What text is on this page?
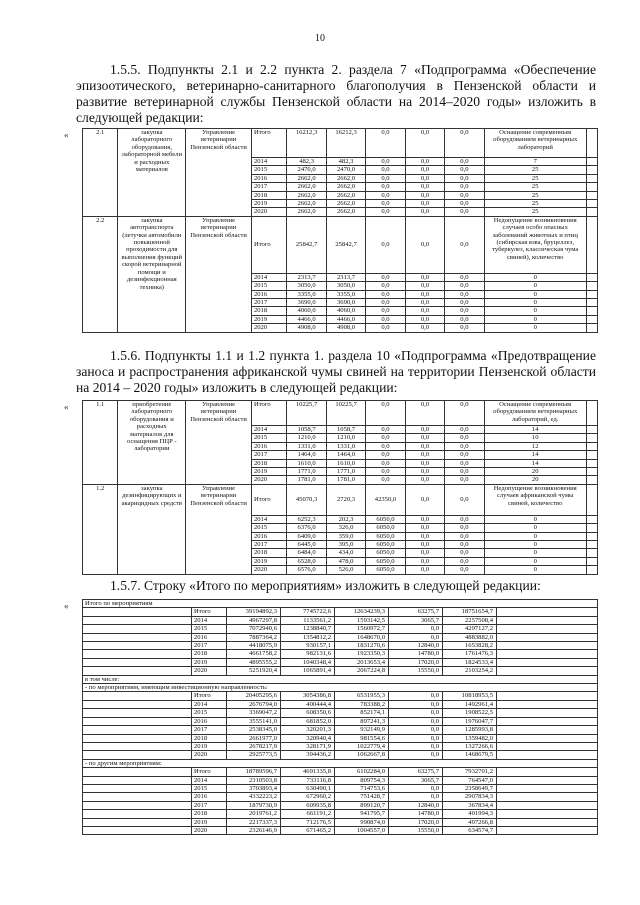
10
1.5.5. Подпункты 2.1 и 2.2 пункта 2. раздела 7 «Подпрограмма «Обеспечение эпизоотического, ветеринарно-санитарного благополучия в Пензенской области и развитие ветеринарной службы Пензенской области на 2014–2020 годы» изложить в следующей редакции:
«	2.1	закупка лабораторного оборудования, лабораторной мебели и расходных материалов	Управление ветеринарии Пензенской области	Итого	16212,3	16212,3	0,0	0,0	0,0	Оснащение современным оборудованием ветеринарных лабораторий	
			2014	482,3	482,3	0,0	0,0	0,0	7	
			2015	2470,0	2470,0	0,0	0,0	0,0	25	
			2016	2662,0	2662,0	0,0	0,0	0,0	25	
			2017	2662,0	2662,0	0,0	0,0	0,0	25	
			2018	2662,0	2662,0	0,0	0,0	0,0	25	
			2019	2662,0	2662,0	0,0	0,0	0,0	25	
			2020	2662,0	2662,0	0,0	0,0	0,0	25	
2.2	закупка автотранспорта (летучки автомобили повышенной проходимости для выполнения функций скорой ветеринарной помощи и дезинфекционная техника)	Управление ветеринарии Пензенской области	Итого	25842,7	25842,7	0,0	0,0	0,0	Недопущение возникновения случаев особо опасных заболеваний животных и птиц (сибирская язва, бруцеллез, туберкулез, классическая чума свиней), количество	
			2014	2313,7	2313,7	0,0	0,0	0,0	0	
			2015	3050,0	3050,0	0,0	0,0	0,0	0	
			2016	3355,0	3355,0	0,0	0,0	0,0	0	
			2017	3690,0	3690,0	0,0	0,0	0,0	0	
			2018	4060,0	4060,0	0,0	0,0	0,0	0	
			2019	4466,0	4466,0	0,0	0,0	0,0	0	
			2020	4908,0	4908,0	0,0	0,0	0,0	0	
1.5.6. Подпункты 1.1 и 1.2 пункта 1. раздела 10 «Подпрограмма «Предотвращение заноса и распространения африканской чумы свиней на территории Пензенской области на 2014 – 2020 годы» изложить в следующей редакции:
«	1.1	приобретение лабораторного оборудования и расходных материалов для оснащения ПЦР - лаборатории	Управление ветеринарии Пензенской области	Итого	10225,7	10225,7	0,0	0,0	0,0	Оснащение современным оборудованием ветеринарных лабораторий, ед.	
			2014	1058,7	1058,7	0,0	0,0	0,0	14	
			2015	1210,0	1210,0	0,0	0,0	0,0	10	
			2016	1331,0	1331,0	0,0	0,0	0,0	12	
			2017	1464,0	1464,0	0,0	0,0	0,0	14	
			2018	1610,0	1610,0	0,0	0,0	0,0	14	
			2019	1771,0	1771,0	0,0	0,0	0,0	20	
			2020	1781,0	1781,0	0,0	0,0	0,0	20	
1.2	закупка дезинфицирующих и акарицидных средств	Управление ветеринарии Пензенской области	Итого	45070,3	2720,3	42350,0	0,0	0,0	Недопущение возникновения случаев африканской чумы свиней, количество	
			2014	6252,3	202,3	6050,0	0,0	0,0	0	
			2015	6376,0	326,0	6050,0	0,0	0,0	0	
			2016	6409,0	359,0	6050,0	0,0	0,0	0	
			2017	6445,0	395,0	6050,0	0,0	0,0	0	
			2018	6484,0	434,0	6050,0	0,0	0,0	0	
			2019	6528,0	478,0	6050,0	0,0	0,0	0	
			2020	6576,0	526,0	6050,0	0,0	0,0	0	
1.5.7. Строку «Итого по мероприятиям» изложить в следующей редакции:
«	Итого по мероприятиям							
	Итого	39194892,3	7745722,6	12634239,3	63275,7	18751654,7	
	2014	4967297,8	1133561,2	1593142,5	3065,7	2257508,4	
	2015	7072940,6	1238840,7	1560972,7	0,0	4297127,2	
	2016	7887364,2	1354812,2	1648670,0	0,0	4883882,0	
	2017	4418075,9	930157,1	1831270,6	12840,0	1653828,2	
	2018	4661758,2	982131,6	1923350,3	14780,0	1761476,3	
	2019	4895555,2	1040348,4	2013653,4	17020,0	1824533,4	
	2020	5251920,4	1065891,4	2067224,8	15550,0	2103254,2	
в том числе:							
- по мероприятиям, имеющим инвестиционную направленность:							
	Итого	20405295,6	3054386,8	6531955,3	0,0	10818953,5	
	2014	2676794,0	400444,4	783388,2	0,0	1492961,4	
	2015	3369047,2	608350,6	852174,1	0,0	1908522,5	
	2016	3555141,0	681852,0	897241,3	0,0	1976047,7	
	2017	2538345,0	320201,3	932149,9	0,0	1285993,8	
	2018	2661977,0	320940,4	981554,6	0,0	1359482,0	
	2019	2678217,9	328171,9	1022779,4	0,0	1327266,6	
	2020	2925773,5	394436,2	1062667,8	0,0	1468679,5	
- по другим мероприятиям:							
	Итого	18789596,7	4691335,8	6102284,0	63275,7	7932701,2	
	2014	2310503,8	733116,8	809754,3	3065,7	764547,0	
	2015	3703893,4	630490,1	714753,6	0,0	2358649,7	
	2016	4332223,2	672960,2	751428,7	0,0	2907834,3	
	2017	1879730,9	609935,8	899120,7	12840,0	367834,4	
	2018	2019761,2	661191,2	941795,7	14780,0	401994,3	
	2019	2217337,3	712176,5	990874,0	17020,0	497266,8	
	2020	2326146,9	671465,2	1004557,0	15550,0	634574,7	
